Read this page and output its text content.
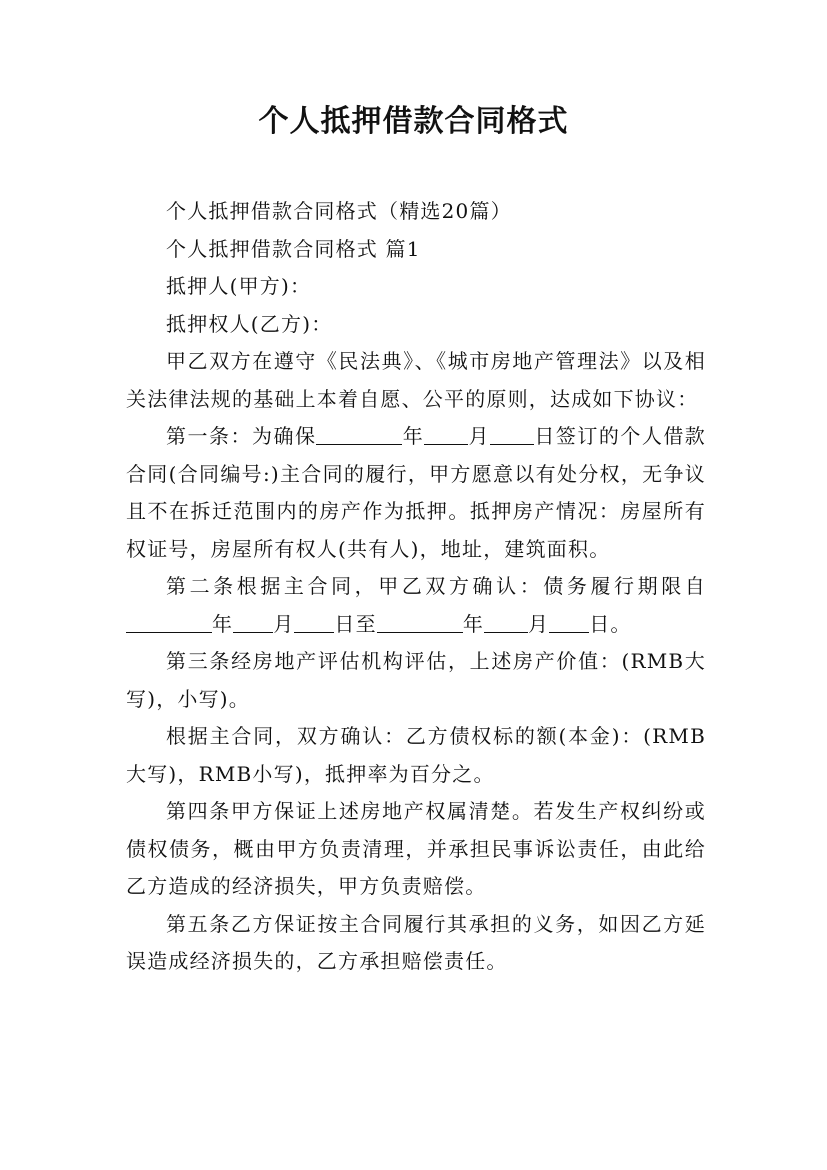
个人抵押借款合同格式

个人抵押借款合同格式（精选20篇）

个人抵押借款合同格式 篇1

抵押人(甲方)：

抵押权人(乙方)：

甲乙双方在遵守《民法典》、《城市房地产管理法》以及相关法律法规的基础上本着自愿、公平的原则，达成如下协议：

第一条：为确保	年 月 日签订的个人借款合同(合同编号:)主合同的履行，甲方愿意以有处分权，无争议且不在拆迁范围内的房产作为抵押。抵押房产情况：房屋所有权证号，房屋所有权人(共有人)，地址，建筑面积。

第二条根据主合同，甲乙双方确认：债务履行期限自年 月 日至	年 月 日。

第三条经房地产评估机构评估，上述房产价值：(RMB大写)，小写)。

根据主合同，双方确认：乙方债权标的额(本金)：(RMB大写)，RMB小写)，抵押率为百分之。

第四条甲方保证上述房地产权属清楚。若发生产权纠纷或债权债务，概由甲方负责清理，并承担民事诉讼责任，由此给乙方造成的经济损失，甲方负责赔偿。

第五条乙方保证按主合同履行其承担的义务，如因乙方延误造成经济损失的，乙方承担赔偿责任。
